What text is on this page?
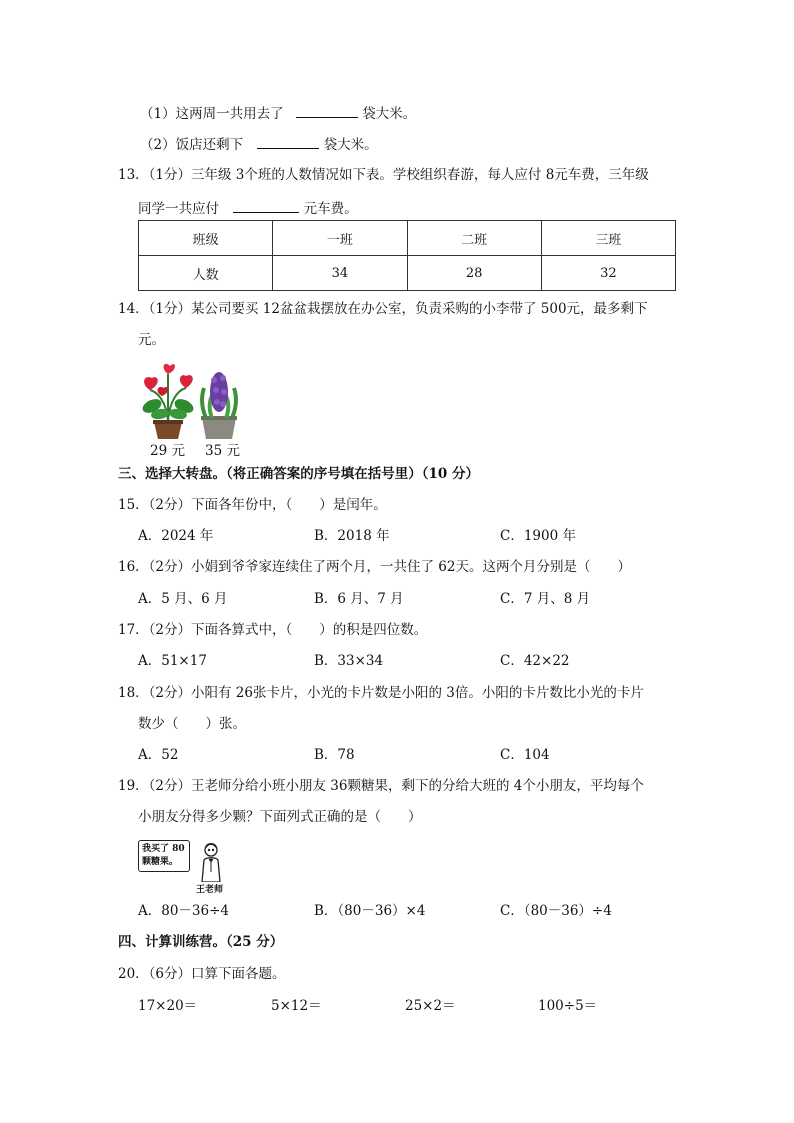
（1）这两周一共用去了	袋大米。
（2）饭店还剩下	袋大米。
13．（1分）三年级 3个班的人数情况如下表。学校组织春游，每人应付 8元车费，三年级
同学一共应付	元车费。
班级	一班	二班	三班
人数	34	28	32
14．（1分）某公司要买 12盆盆栽摆放在办公室，负责采购的小李带了 500元，最多剩下
元。
29 元 35 元
三、选择大转盘。（将正确答案的序号填在括号里）（10 分）
15．（2分）下面各年份中，（　　）是闰年。
A．2024 年	B．2018 年	C．1900 年
16．（2分）小娟到爷爷家连续住了两个月，一共住了 62天。这两个月分别是（　　）
A．5 月、6 月	B．6 月、7 月	C．7 月、8 月
17．（2分）下面各算式中，（　　）的积是四位数。
A．51×17	B．33×34	C．42×22
18．（2分）小阳有 26张卡片，小光的卡片数是小阳的 3倍。小阳的卡片数比小光的卡片
数少（　　）张。
A．52	B．78	C．104
19．（2分）王老师分给小班小朋友 36颗糖果，剩下的分给大班的 4个小朋友，平均每个
小朋友分得多少颗？下面列式正确的是（　　）
我买了 80
颗糖果。
王老师
A．80－36÷4	B．（80－36）×4	C．（80－36）÷4
四、计算训练营。（25 分）
20．（6分）口算下面各题。
17×20＝	5×12＝	25×2＝	100÷5＝
